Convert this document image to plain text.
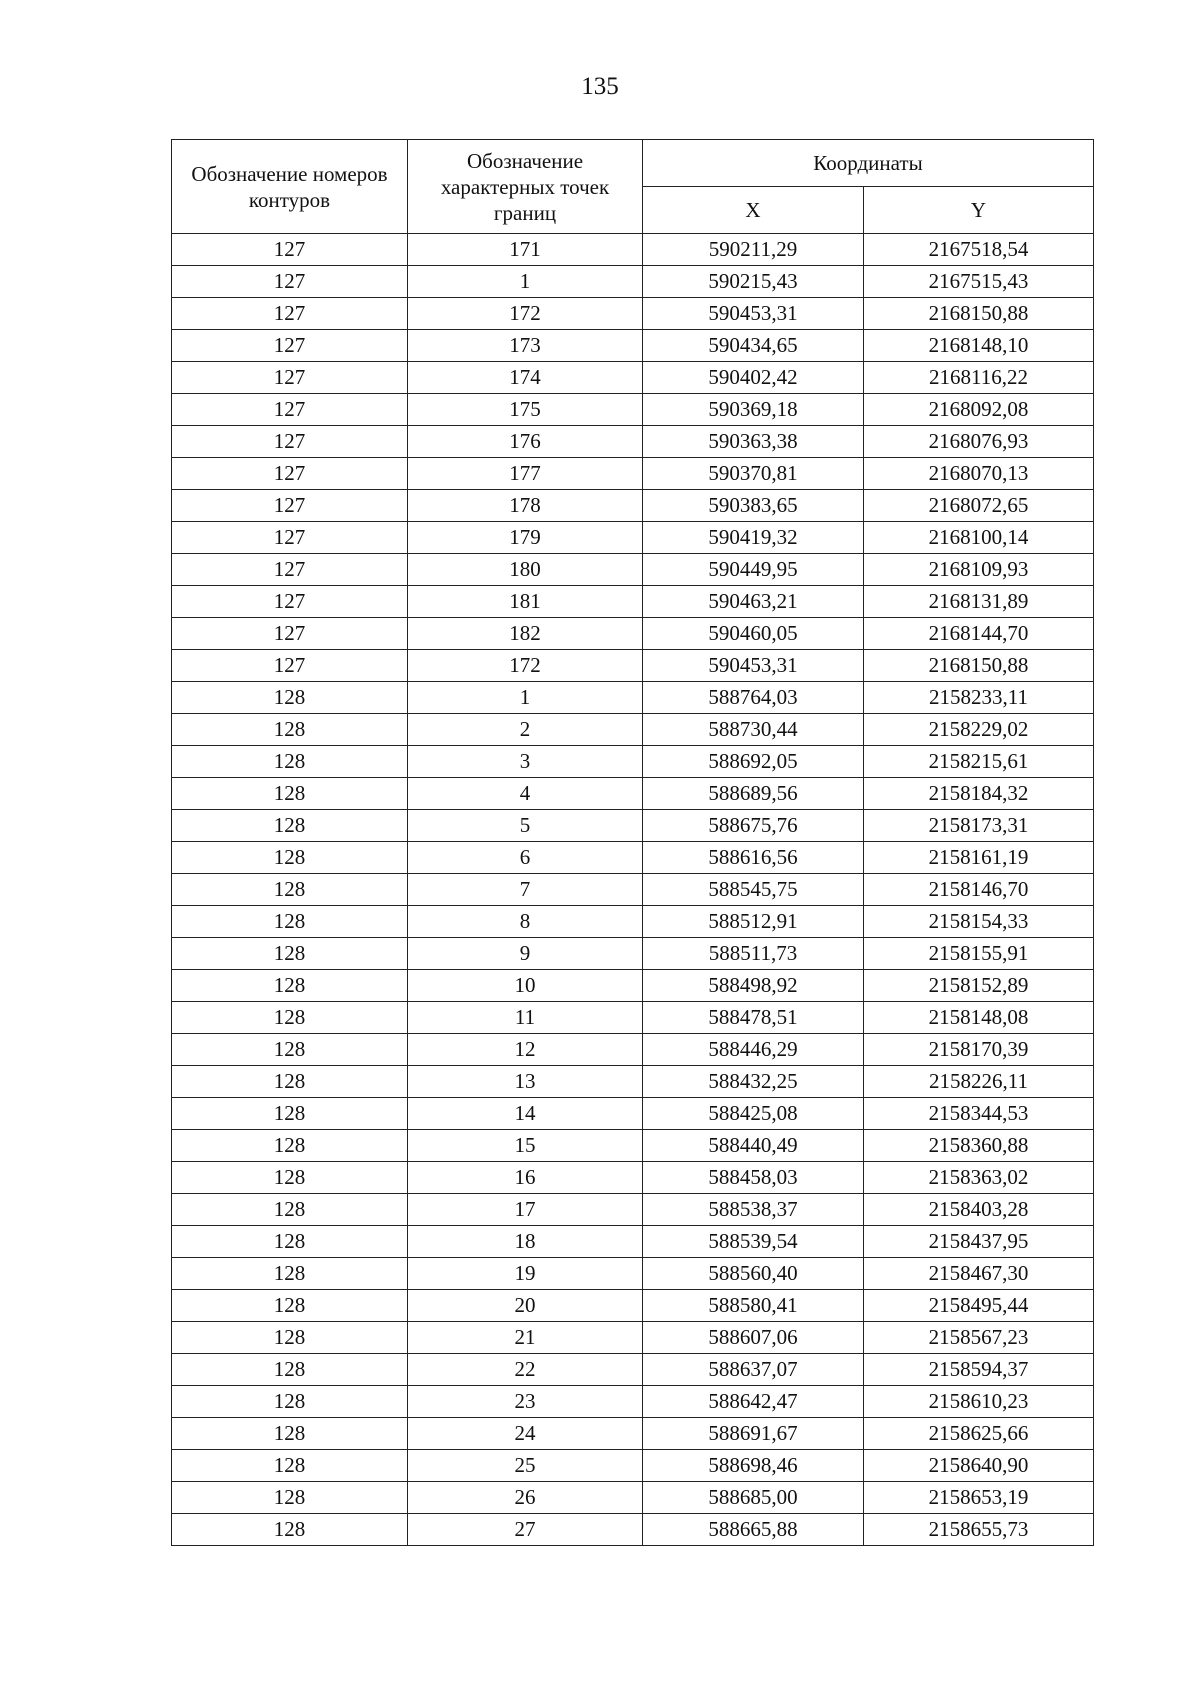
135
Обозначение номеров контуров	Обозначение характерных точек границ	Координаты	
		X	Y
127	171	590211,29	2167518,54
127	1	590215,43	2167515,43
127	172	590453,31	2168150,88
127	173	590434,65	2168148,10
127	174	590402,42	2168116,22
127	175	590369,18	2168092,08
127	176	590363,38	2168076,93
127	177	590370,81	2168070,13
127	178	590383,65	2168072,65
127	179	590419,32	2168100,14
127	180	590449,95	2168109,93
127	181	590463,21	2168131,89
127	182	590460,05	2168144,70
127	172	590453,31	2168150,88
128	1	588764,03	2158233,11
128	2	588730,44	2158229,02
128	3	588692,05	2158215,61
128	4	588689,56	2158184,32
128	5	588675,76	2158173,31
128	6	588616,56	2158161,19
128	7	588545,75	2158146,70
128	8	588512,91	2158154,33
128	9	588511,73	2158155,91
128	10	588498,92	2158152,89
128	11	588478,51	2158148,08
128	12	588446,29	2158170,39
128	13	588432,25	2158226,11
128	14	588425,08	2158344,53
128	15	588440,49	2158360,88
128	16	588458,03	2158363,02
128	17	588538,37	2158403,28
128	18	588539,54	2158437,95
128	19	588560,40	2158467,30
128	20	588580,41	2158495,44
128	21	588607,06	2158567,23
128	22	588637,07	2158594,37
128	23	588642,47	2158610,23
128	24	588691,67	2158625,66
128	25	588698,46	2158640,90
128	26	588685,00	2158653,19
128	27	588665,88	2158655,73
